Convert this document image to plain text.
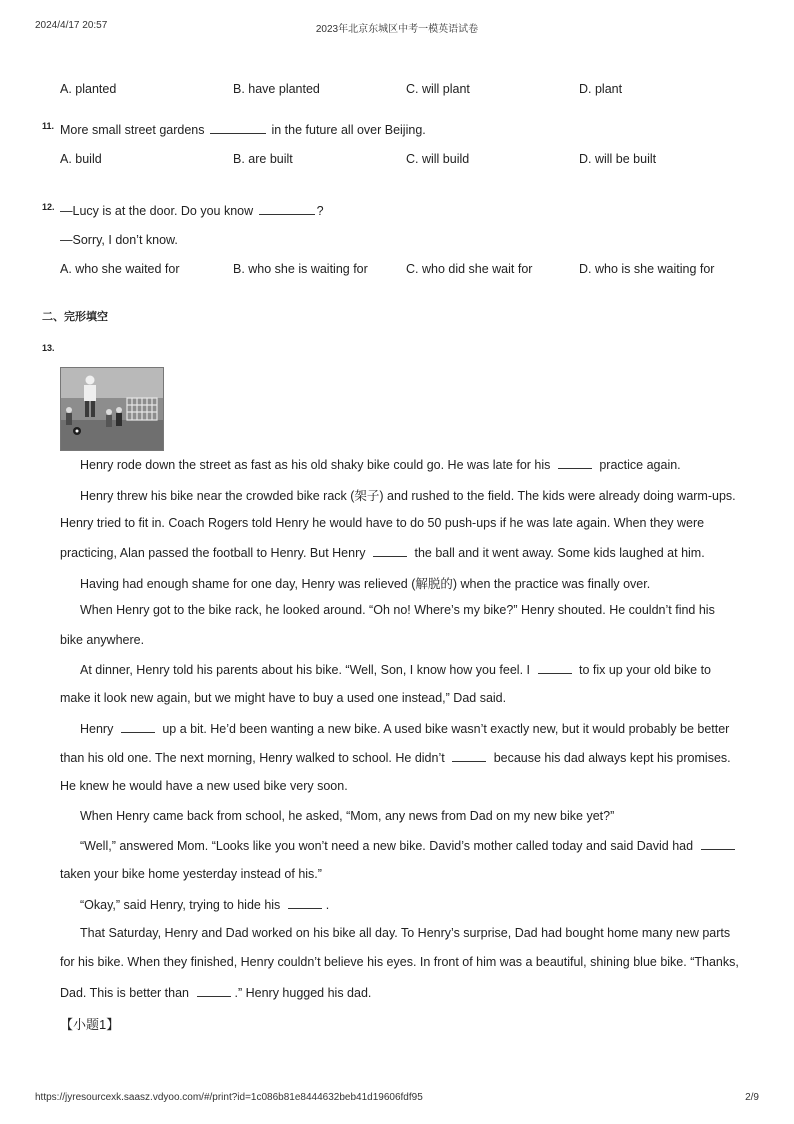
2024/4/17 20:57	2023年北京东城区中考一模英语试卷
A. planted	B. have planted	C. will plant	D. plant
11. More small street gardens	in the future all over Beijing.
A. build	B. are built	C. will build	D. will be built
12. —Lucy is at the door. Do you know	?
—Sorry, I don’t know.
A. who she waited for	B. who she is waiting for	C. who did she wait for	D. who is she waiting for
二、完形填空
13.
Henry rode down the street as fast as his old shaky bike could go. He was late for his	practice again.
Henry threw his bike near the crowded bike rack (架子) and rushed to the field. The kids were already doing warm-ups.
Henry tried to fit in. Coach Rogers told Henry he would have to do 50 push-ups if he was late again. When they were
practicing, Alan passed the football to Henry. But Henry	the ball and it went away. Some kids laughed at him.
Having had enough shame for one day, Henry was relieved (解脱的) when the practice was finally over.
When Henry got to the bike rack, he looked around. “Oh no! Where’s my bike?” Henry shouted. He couldn’t find his
bike anywhere.
At dinner, Henry told his parents about his bike. “Well, Son, I know how you feel. I	to fix up your old bike to
make it look new again, but we might have to buy a used one instead,” Dad said.
Henry	up a bit. He’d been wanting a new bike. A used bike wasn’t exactly new, but it would probably be better
than his old one. The next morning, Henry walked to school. He didn’t	because his dad always kept his promises.
He knew he would have a new used bike very soon.
When Henry came back from school, he asked, “Mom, any news from Dad on my new bike yet?”
“Well,” answered Mom. “Looks like you won’t need a new bike. David’s mother called today and said David had
taken your bike home yesterday instead of his.”
“Okay,” said Henry, trying to hide his	.
That Saturday, Henry and Dad worked on his bike all day. To Henry’s surprise, Dad had bought home many new parts
for his bike. When they finished, Henry couldn’t believe his eyes. In front of him was a beautiful, shining blue bike. “Thanks,
Dad. This is better than	.” Henry hugged his dad.
【小题1】
https://jyresourcexk.saasz.vdyoo.com/#/print?id=1c086b81e8444632beb41d19606fdf95	2/9
